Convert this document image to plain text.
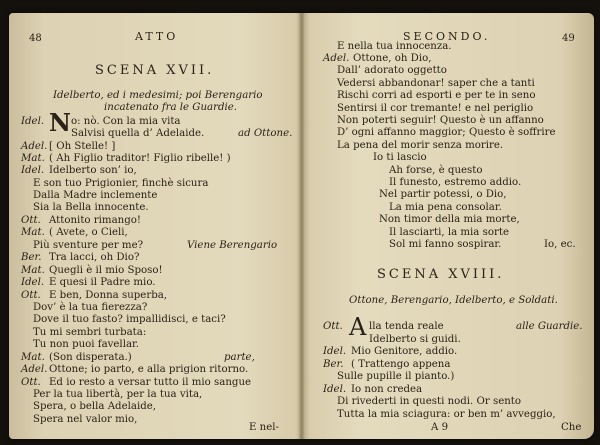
48	ATTO
SCENA XVII.
Idelberto, ed i medesimi; poi Berengario
incatenato fra le Guardie.
Idel. N o: nò. Con la mia vita
Salvisi quella d’ Adelaide.	ad Ottone.
Adel. [ Oh Stelle! ]
Mat. ( Ah Figlio traditor! Figlio ribelle! )
Idel. Idelberto son’ io,
E son tuo Prigionier, finchè sicura
Dalla Madre inclemente
Sia la Bella innocente.
Ott. Attonito rimango!
Mat. ( Avete, o Cieli,
Più sventure per me?	Viene Berengario
Ber. Tra lacci, oh Dio?
Mat. Quegli è il mio Sposo!
Idel. E quesi il Padre mio.
Ott. E ben, Donna superba,
Dov’ è la tua fierezza?
Dove il tuo fasto? impallidisci, e taci?
Tu mi sembri turbata:
Tu non puoi favellar.
Mat. (Son disperata.)	parte,
Adel. Ottone; io parto, e alla prigion ritorno.
Ott. Ed io resto a versar tutto il mio sangue
Per la tua libertà, per la tua vita,
Spera, o bella Adelaide,
Spera nel valor mio,
E nel-
SECONDO.	49
E nella tua innocenza.
Adel. Ottone, oh Dio,
Dall’ adorato oggetto
Vedersi abbandonar! saper che a tanti
Rischi corri ad esporti e per te in seno
Sentirsi il cor tremante! e nel periglio
Non poterti seguir! Questo è un affanno
D’ ogni affanno maggior; Questo è soffrire
La pena del morir senza morire.
Io ti lascio
Ah forse, è questo
Il funesto, estremo addio.
Nel partir potessi, o Dio,
La mia pena consolar.
Non timor della mia morte,
Il lasciarti, la mia sorte
Sol mi fanno sospirar.	Io, ec.
SCENA XVIII.
Ottone, Berengario, Idelberto, e Soldati.
Ott. A lla tenda reale	alle Guardie.
Idelberto si guidi.
Idel. Mio Genitore, addio.
Ber. ( Trattengo appena
Sulle pupille il pianto.)
Idel. Io non credea
Di rivederti in questi nodi. Or sento
Tutta la mia sciagura: or ben m’ avveggio,
A 9	Che
